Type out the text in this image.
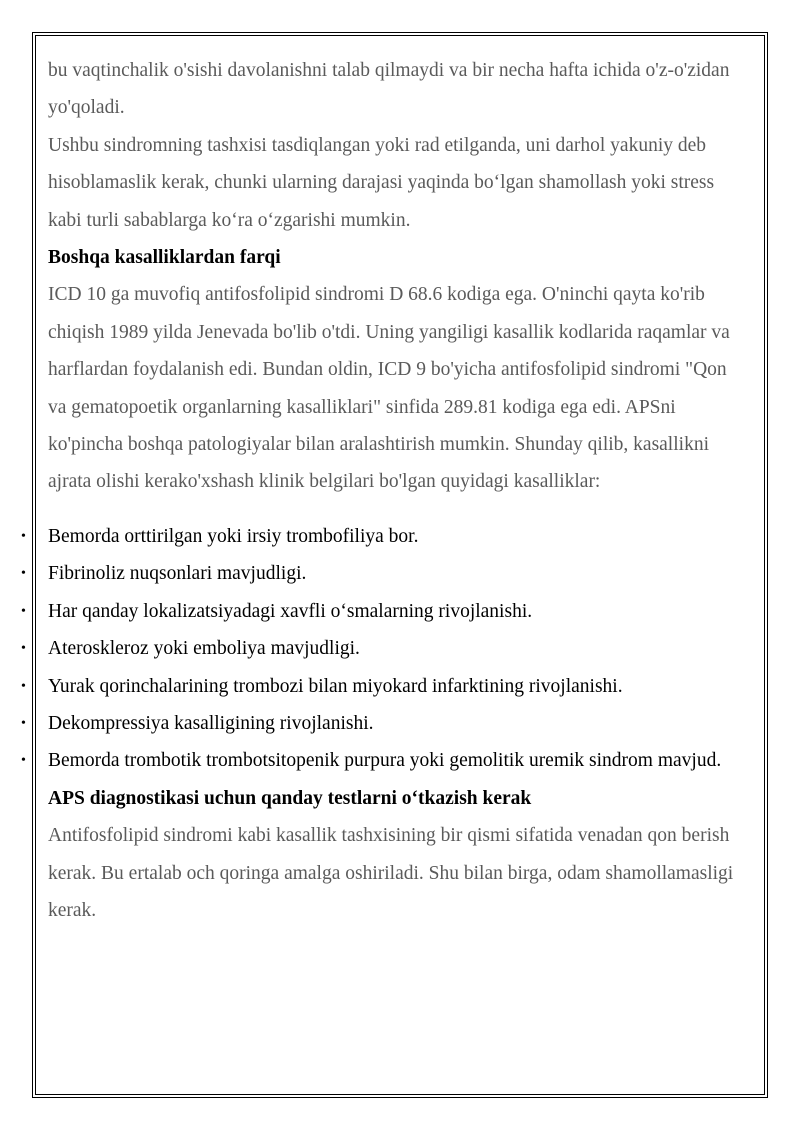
bu vaqtinchalik o'sishi davolanishni talab qilmaydi va bir necha hafta ichida o'z-o'zidan yo'qoladi.

Ushbu sindromning tashxisi tasdiqlangan yoki rad etilganda, uni darhol yakuniy deb hisoblamaslik kerak, chunki ularning darajasi yaqinda boʻlgan shamollash yoki stress kabi turli sabablarga koʻra oʻzgarishi mumkin.

Boshqa kasalliklardan farqi

ICD 10 ga muvofiq antifosfolipid sindromi D 68.6 kodiga ega. O'ninchi qayta ko'rib chiqish 1989 yilda Jenevada bo'lib o'tdi. Uning yangiligi kasallik kodlarida raqamlar va harflardan foydalanish edi. Bundan oldin, ICD 9 bo'yicha antifosfolipid sindromi "Qon va gematopoetik organlarning kasalliklari" sinfida 289.81 kodiga ega edi. APSni ko'pincha boshqa patologiyalar bilan aralashtirish mumkin. Shunday qilib, kasallikni ajrata olishi kerako'xshash klinik belgilari bo'lgan quyidagi kasalliklar:

• Bemorda orttirilgan yoki irsiy trombofiliya bor.
• Fibrinoliz nuqsonlari mavjudligi.
• Har qanday lokalizatsiyadagi xavfli oʻsmalarning rivojlanishi.
• Ateroskleroz yoki emboliya mavjudligi.
• Yurak qorinchalarining trombozi bilan miyokard infarktining rivojlanishi.
• Dekompressiya kasalligining rivojlanishi.
• Bemorda trombotik trombotsitopenik purpura yoki gemolitik uremik sindrom mavjud.

APS diagnostikasi uchun qanday testlarni oʻtkazish kerak

Antifosfolipid sindromi kabi kasallik tashxisining bir qismi sifatida venadan qon berish kerak. Bu ertalab och qoringa amalga oshiriladi. Shu bilan birga, odam shamollamasligi kerak.
